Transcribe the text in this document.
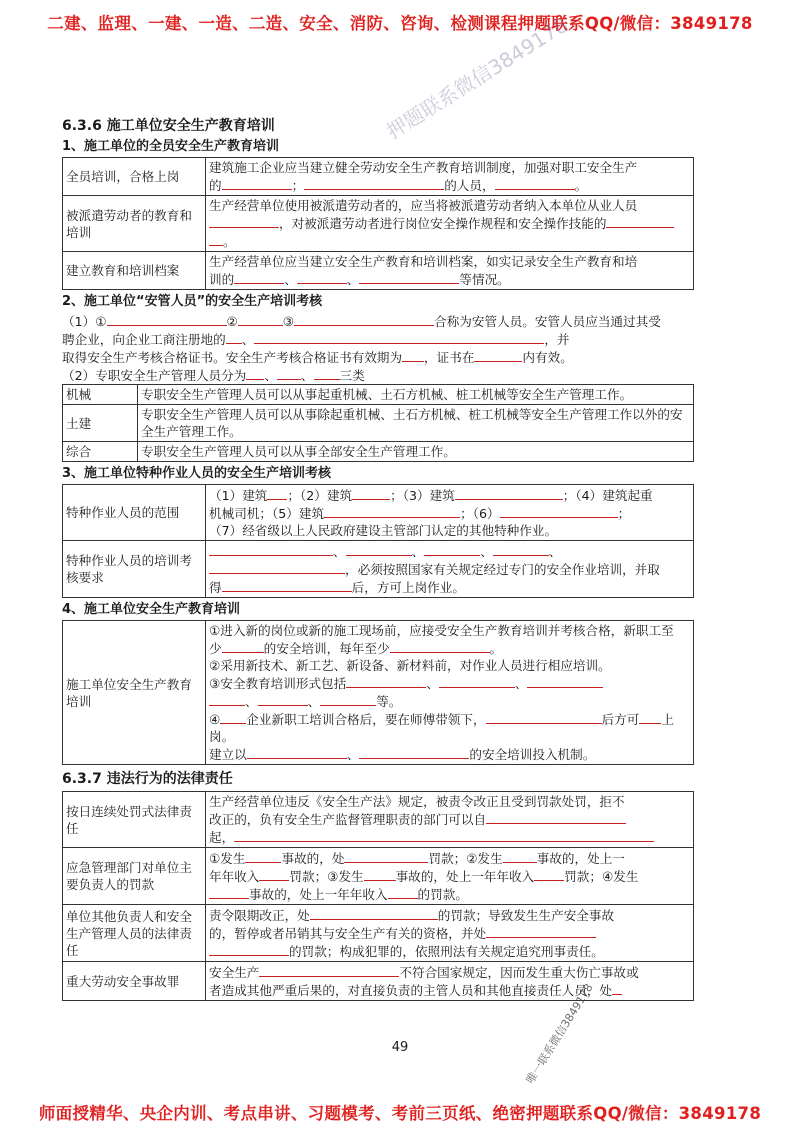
二建、监理、一建、一造、二造、安全、消防、咨询、检测课程押题联系QQ/微信：3849178
押题联系微信3849178
6.3.6 施工单位安全生产教育培训
1、施工单位的全员安全生产教育培训
全员培训，合格上岗	建筑施工企业应当建立健全劳动安全生产教育培训制度，加强对职工安全生产
的 ； 的人员， 。

被派遣劳动者的教育和培训	生产经营单位使用被派遣劳动者的，应当将被派遣劳动者纳入本单位从业人员
，对被派遣劳动者进行岗位安全操作规程和安全操作技能的
。

建立教育和培训档案	生产经营单位应当建立安全生产教育和培训档案，如实记录安全生产教育和培
训的 、 、 等情况。
2、施工单位“安管人员”的安全生产培训考核

（1）①	②	③	合称为安管人员。安管人员应当通过其受

聘企业，向企业工商注册地的 、	，并

取得安全生产考核合格证书。安全生产考核合格证书有效期为 ，证书在	内有效。

（2）专职安全生产管理人员分为 、 、 三类

机械	专职安全生产管理人员可以从事起重机械、土石方机械、桩工机械等安全生产管理工作。
土建	专职安全生产管理人员可以从事除起重机械、土石方机械、桩工机械等安全生产管理工作以外的安全生产管理工作。
综合	专职安全生产管理人员可以从事全部安全生产管理工作。
3、施工单位特种作业人员的安全生产培训考核
特种作业人员的范围	（1）建筑 ；（2）建筑 ；（3）建筑 ；（4）建筑起重
机械司机；（5）建筑 ；（6） ；
（7）经省级以上人民政府建设主管部门认定的其他特种作业。

特种作业人员的培训考核要求	、 、 、 、
，必须按照国家有关规定经过专门的安全作业培训，并取
得 后，方可上岗作业。
4、施工单位安全生产教育培训
施工单位安全生产教育培训	
①进入新的岗位或新的施工现场前，应接受安全生产教育培训并考核合格，新职工至
少	的安全培训，每年至少	。
②采用新技术、新工艺、新设备、新材料前，对作业人员进行相应培训。
③安全教育培训形式包括	、	、
、	、	等。
④ 企业新职工培训合格后，要在师傅带领下，	后方可 上岗。
建立以	、	的安全培训投入机制。
6.3.7 违法行为的法律责任
按日连续处罚式法律责任	生产经营单位违反《安全生产法》规定，被责令改正且受到罚款处罚，拒不
改正的，负有安全生产监督管理职责的部门可以自
起，

应急管理部门对单位主要负责人的罚款	①发生 事故的，处 罚款；②发生 事故的，处上一
年年收入 罚款；③发生 事故的，处上一年年收入 罚款；④发生
事故的，处上一年年收入 的罚款。

单位其他负责人和安全生产管理人员的法律责任	责令限期改正，处 的罚款；导致发生生产安全事故
的，暂停或者吊销其与安全生产有关的资格，并处
的罚款；构成犯罪的，依照刑法有关规定追究刑事责任。

重大劳动安全事故罪	安全生产 不符合国家规定，因而发生重大伤亡事故或
者造成其他严重后果的，对直接负责的主管人员和其他直接责任人员，处
49	唯一联系微信3849178
师面授精华、央企内训、考点串讲、习题模考、考前三页纸、绝密押题联系QQ/微信：3849178
